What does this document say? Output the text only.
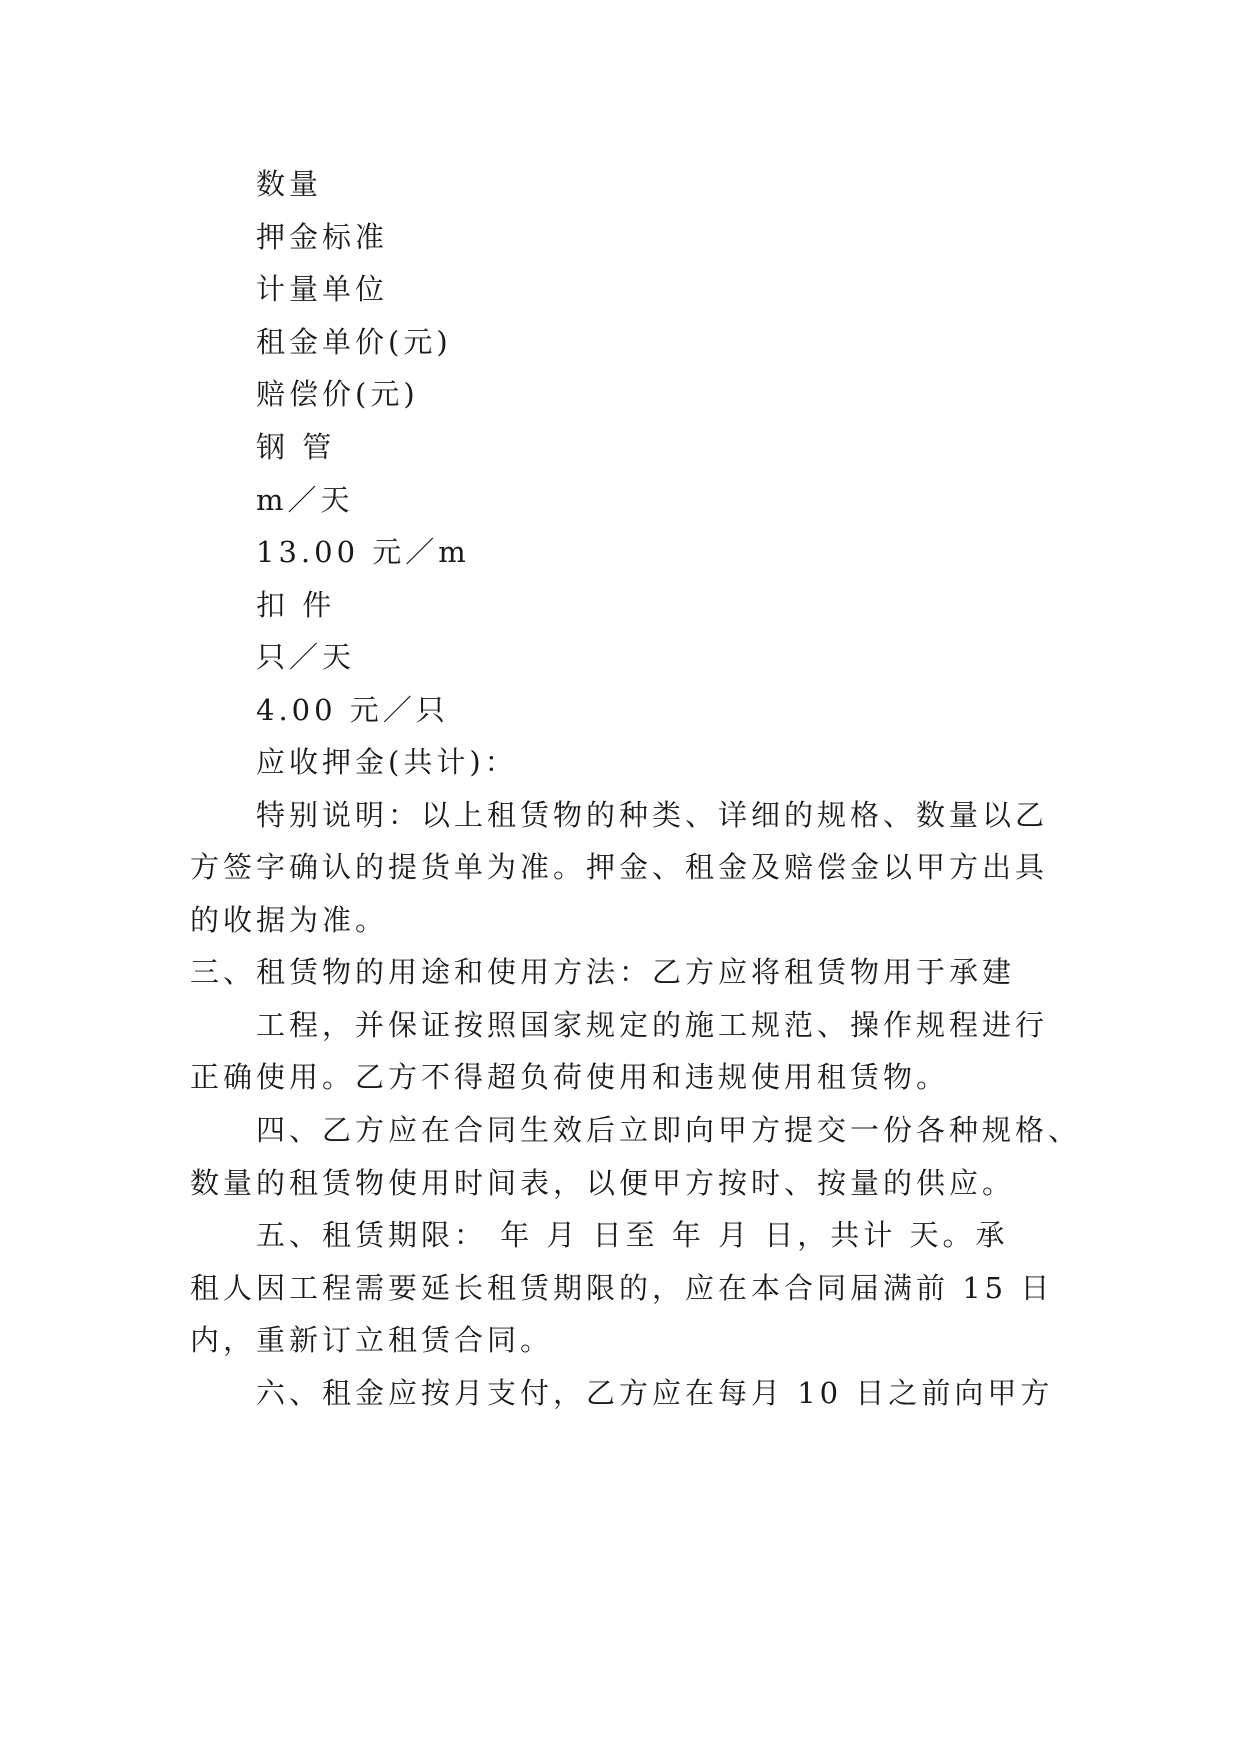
数量
押金标准
计量单位
租金单价(元)
赔偿价(元)
钢 管
m／天
13.00 元／m
扣 件
只／天
4.00 元／只
应收押金(共计)：
特别说明：以上租赁物的种类、详细的规格、数量以乙
方签字确认的提货单为准。押金、租金及赔偿金以甲方出具
的收据为准。
三、租赁物的用途和使用方法：乙方应将租赁物用于承建
工程，并保证按照国家规定的施工规范、操作规程进行
正确使用。乙方不得超负荷使用和违规使用租赁物。
四、乙方应在合同生效后立即向甲方提交一份各种规格、
数量的租赁物使用时间表，以便甲方按时、按量的供应。
五、租赁期限： 年 月 日至 年 月 日，共计 天。承
租人因工程需要延长租赁期限的，应在本合同届满前 15 日
内，重新订立租赁合同。
六、租金应按月支付，乙方应在每月 10 日之前向甲方
